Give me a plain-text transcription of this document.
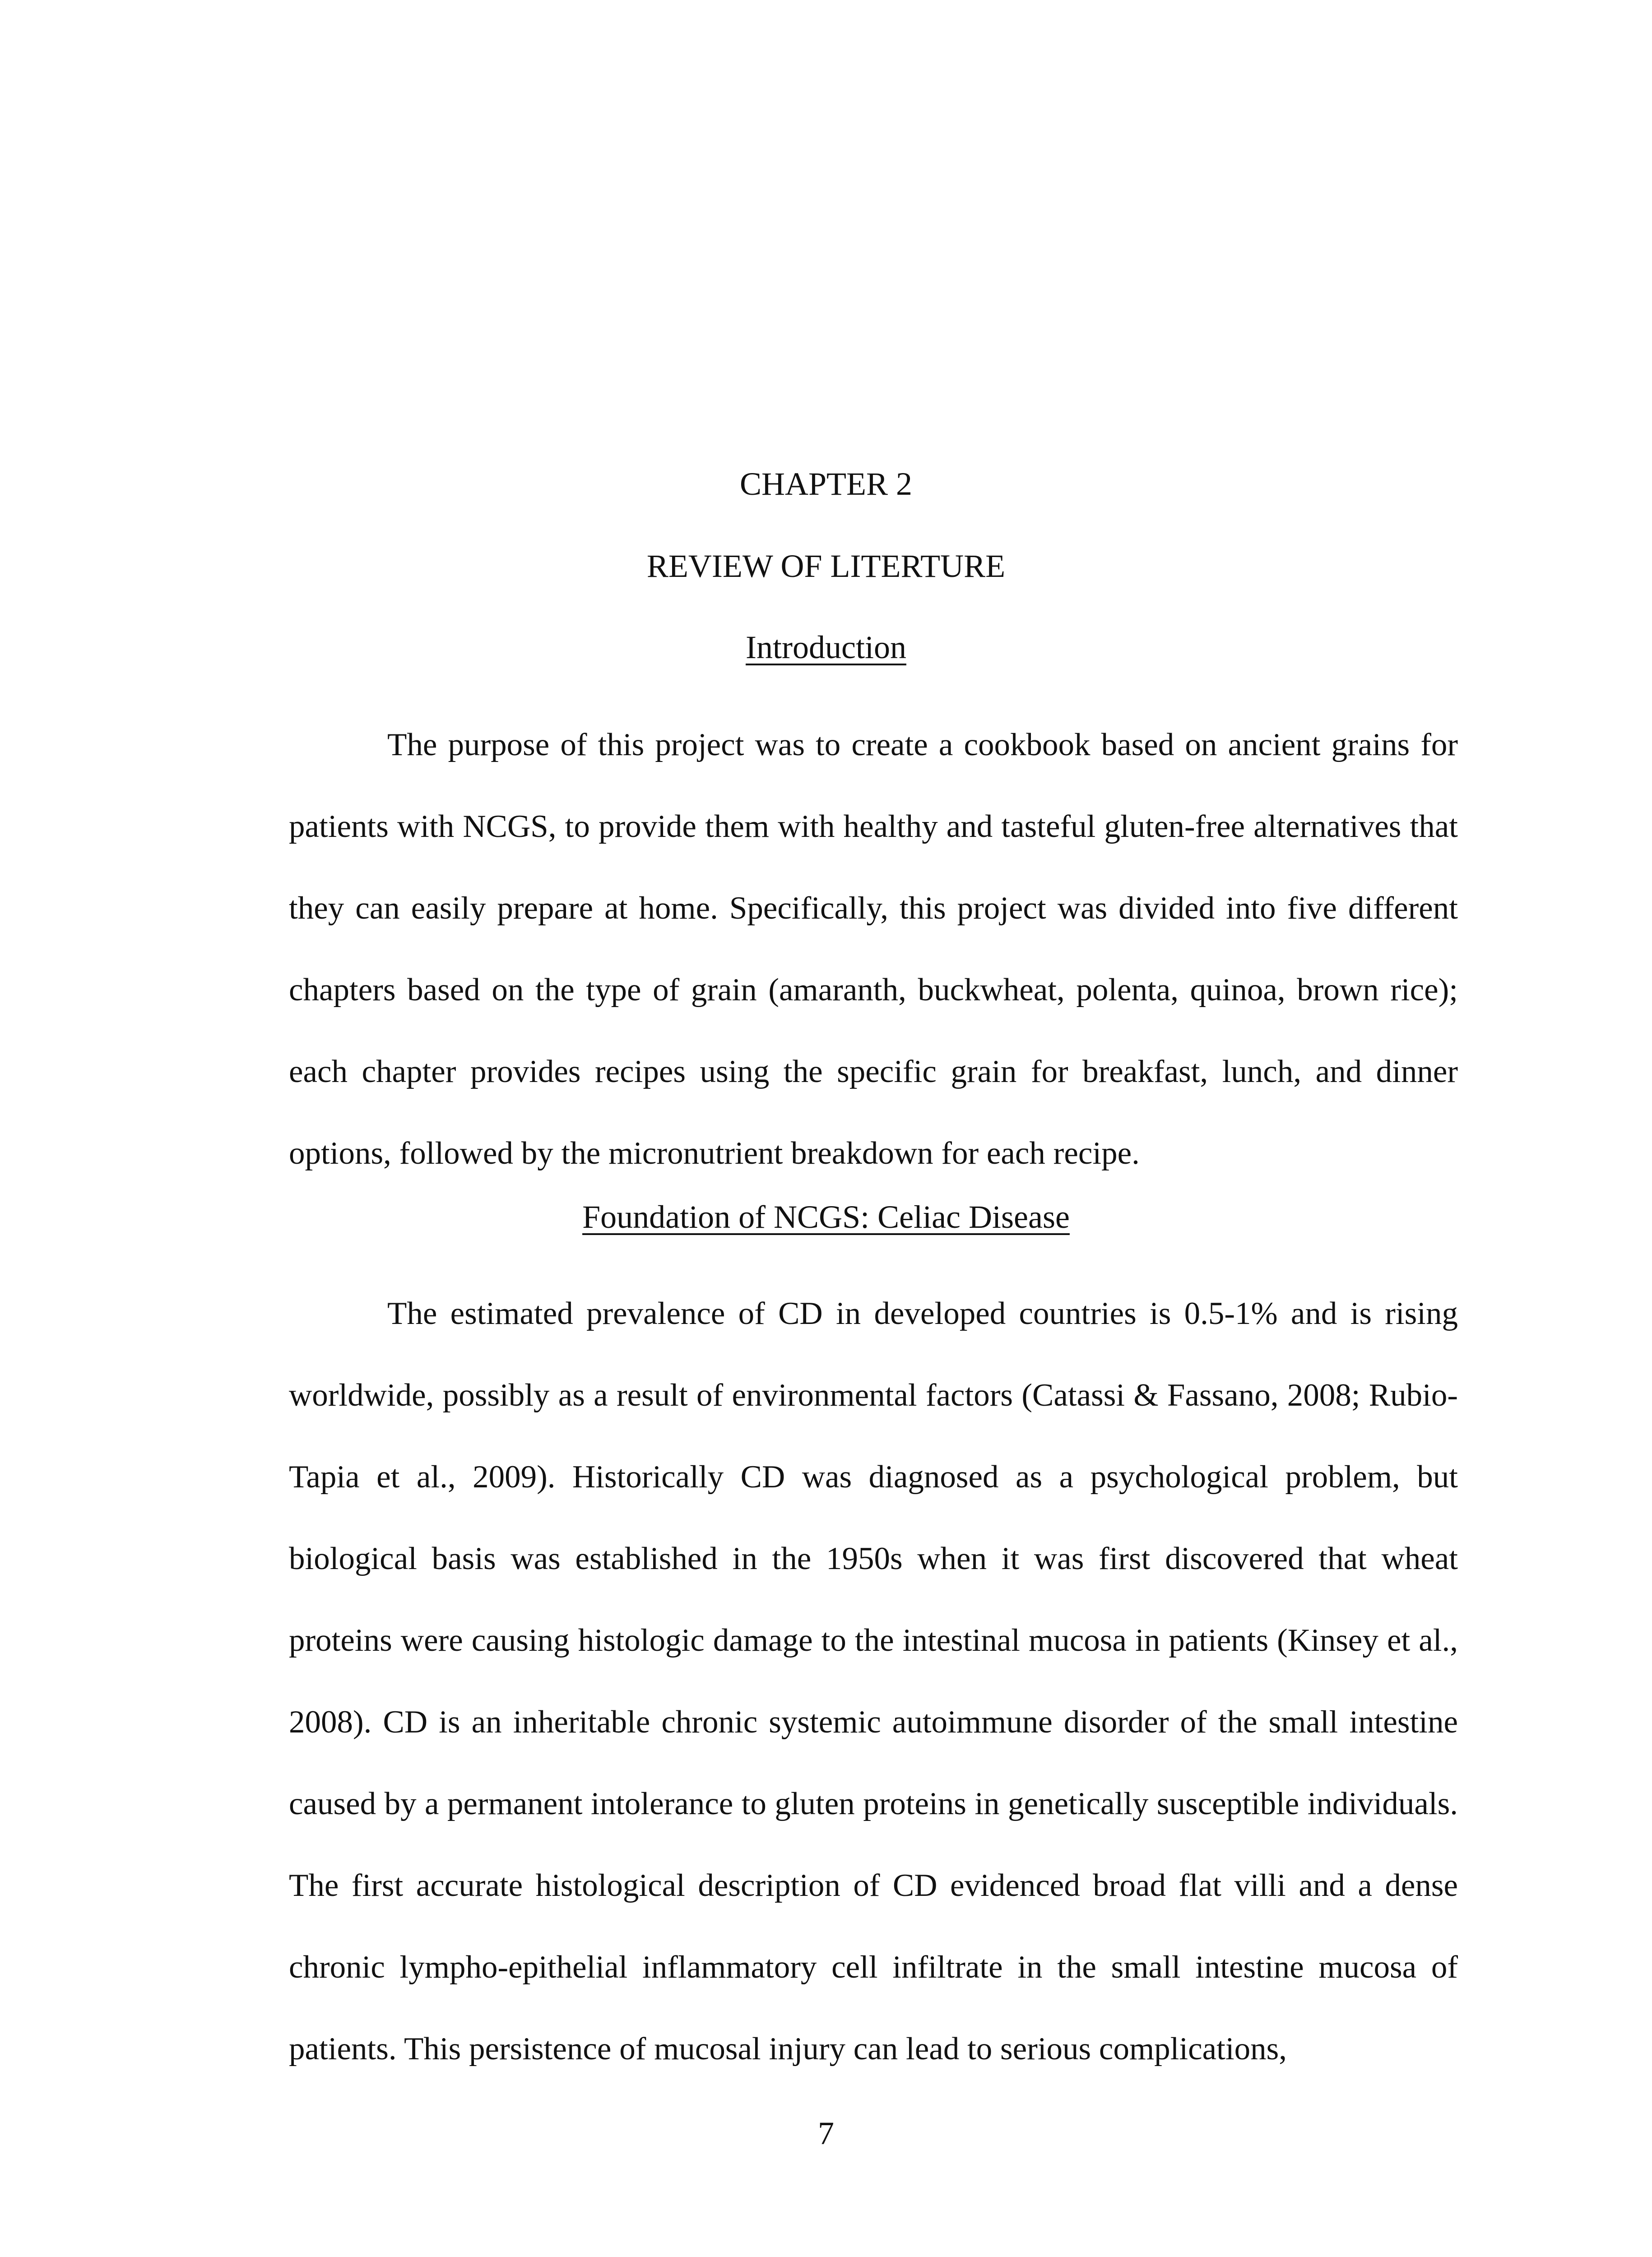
CHAPTER 2
REVIEW OF LITERTURE
Introduction

The purpose of this project was to create a cookbook based on ancient grains for patients with NCGS, to provide them with healthy and tasteful gluten-free alternatives that they can easily prepare at home. Specifically, this project was divided into five different chapters based on the type of grain (amaranth, buckwheat, polenta, quinoa, brown rice); each chapter provides recipes using the specific grain for breakfast, lunch, and dinner options, followed by the micronutrient breakdown for each recipe.

Foundation of NCGS: Celiac Disease

The estimated prevalence of CD in developed countries is 0.5-1% and is rising worldwide, possibly as a result of environmental factors (Catassi & Fassano, 2008; Rubio-Tapia et al., 2009). Historically CD was diagnosed as a psychological problem, but biological basis was established in the 1950s when it was first discovered that wheat proteins were causing histologic damage to the intestinal mucosa in patients (Kinsey et al., 2008). CD is an inheritable chronic systemic autoimmune disorder of the small intestine caused by a permanent intolerance to gluten proteins in genetically susceptible individuals. The first accurate histological description of CD evidenced broad flat villi and a dense chronic lympho-epithelial inflammatory cell infiltrate in the small intestine mucosa of patients. This persistence of mucosal injury can lead to serious complications,

7
